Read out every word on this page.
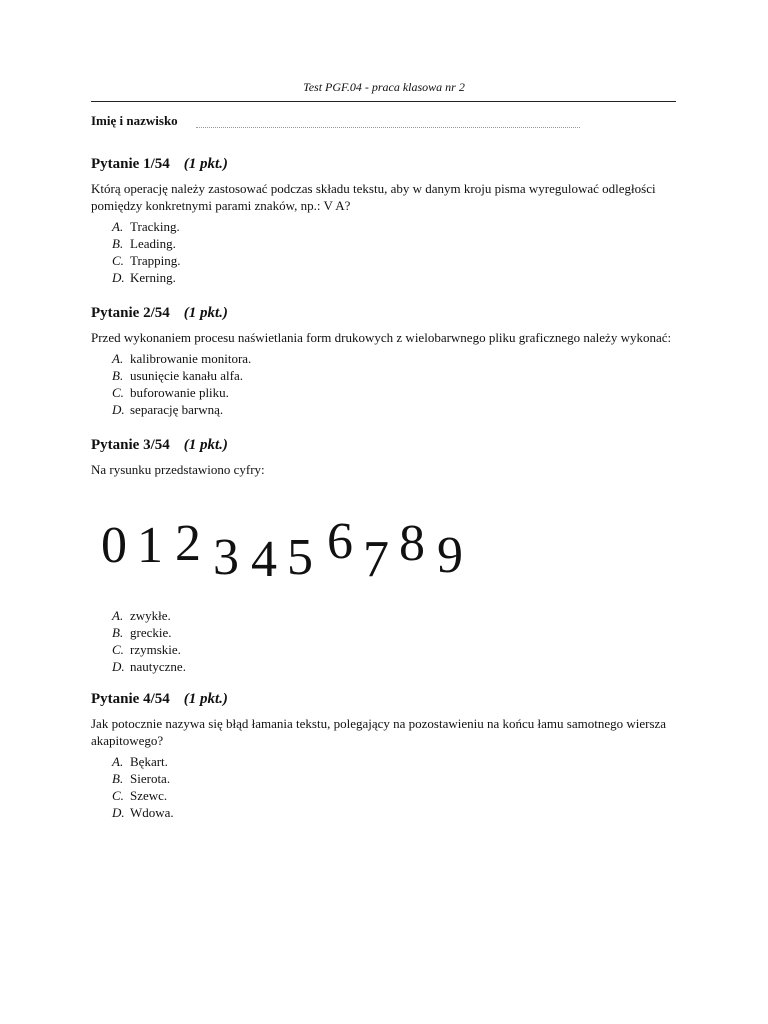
Test PGF.04 - praca klasowa nr 2
Imię i nazwisko

Pytanie 1/54 (1 pkt.)

Którą operację należy zastosować podczas składu tekstu, aby w danym kroju pisma wyregulować odległości pomiędzy konkretnymi parami znaków, np.: V A?

A. Tracking.
B. Leading.
C. Trapping.
D. Kerning.

Pytanie 2/54 (1 pkt.)

Przed wykonaniem procesu naświetlania form drukowych z wielobarwnego pliku graficznego należy wykonać:

A. kalibrowanie monitora.
B. usunięcie kanału alfa.
C. buforowanie pliku.
D. separację barwną.

Pytanie 3/54 (1 pkt.)

Na rysunku przedstawiono cyfry:

0 1 2 3 4 5 6 7 8 9
A. zwykłe.
B. greckie.
C. rzymskie.
D. nautyczne.

Pytanie 4/54 (1 pkt.)

Jak potocznie nazywa się błąd łamania tekstu, polegający na pozostawieniu na końcu łamu samotnego wiersza akapitowego?

A. Bękart.
B. Sierota.
C. Szewc.
D. Wdowa.
